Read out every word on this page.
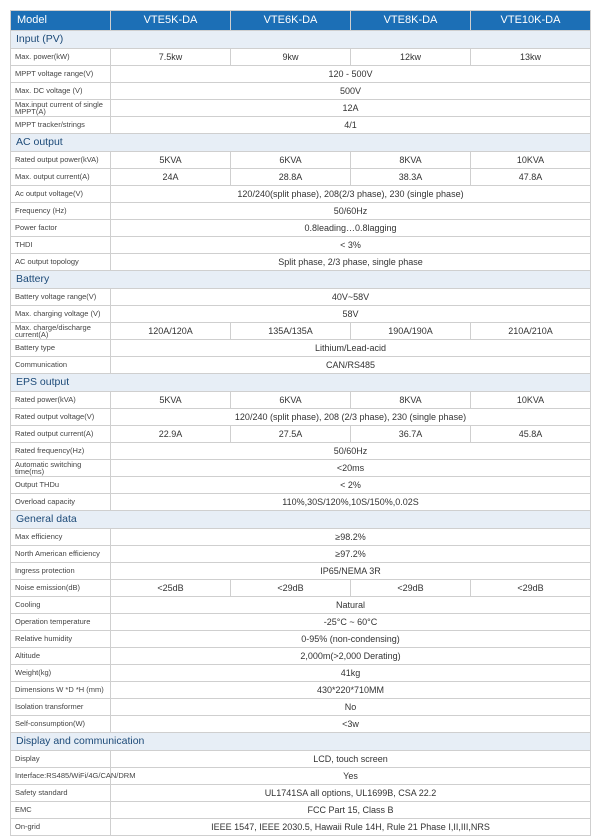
Model	VTE5K-DA	VTE6K-DA	VTE8K-DA	VTE10K-DA
Input (PV)				
Max. power(kW)	7.5kw	9kw	12kw	13kw
MPPT voltage range(V)	120 - 500V			
Max. DC voltage (V)	500V			
Max.input current of single MPPT(A)	12A			
MPPT tracker/strings	4/1			
AC output				
Rated output power(kVA)	5KVA	6KVA	8KVA	10KVA
Max. output current(A)	24A	28.8A	38.3A	47.8A
Ac output voltage(V)	120/240(split phase), 208(2/3 phase), 230 (single phase)			
Frequency (Hz)	50/60Hz			
Power factor	0.8leading…0.8lagging			
THDI	< 3%			
AC output topology	Split phase, 2/3 phase, single phase			
Battery				
Battery voltage range(V)	40V~58V			
Max. charging voltage (V)	58V			
Max. charge/discharge current(A)	120A/120A	135A/135A	190A/190A	210A/210A
Battery type	Lithium/Lead-acid			
Communication	CAN/RS485			
EPS output				
Rated power(kVA)	5KVA	6KVA	8KVA	10KVA
Rated output voltage(V)	120/240 (split phase), 208 (2/3 phase), 230 (single phase)			
Rated output current(A)	22.9A	27.5A	36.7A	45.8A
Rated frequency(Hz)	50/60Hz			
Automatic switching time(ms)	<20ms			
Output THDu	< 2%			
Overload capacity	110%,30S/120%,10S/150%,0.02S			
General data				
Max efficiency	≥98.2%			
North American efficiency	≥97.2%			
Ingress protection	IP65/NEMA 3R			
Noise emission(dB)	<25dB	<29dB	<29dB	<29dB
Cooling	Natural			
Operation temperature	-25°C ~ 60°C			
Relative humidity	0-95% (non-condensing)			
Altitude	2,000m(>2,000 Derating)			
Weight(kg)	41kg			
Dimensions W *D *H (mm)	430*220*710MM			
Isolation transformer	No			
Self-consumption(W)	<3w			
Display and communication				
Display	LCD, touch screen			
Interface:RS485/WiFi/4G/CAN/DRM	Yes			
Safety standard	UL1741SA all options, UL1699B, CSA 22.2			
EMC	FCC Part 15, Class B			
On-grid	IEEE 1547, IEEE 2030.5, Hawaii Rule 14H, Rule 21 Phase I,II,III,NRS			
